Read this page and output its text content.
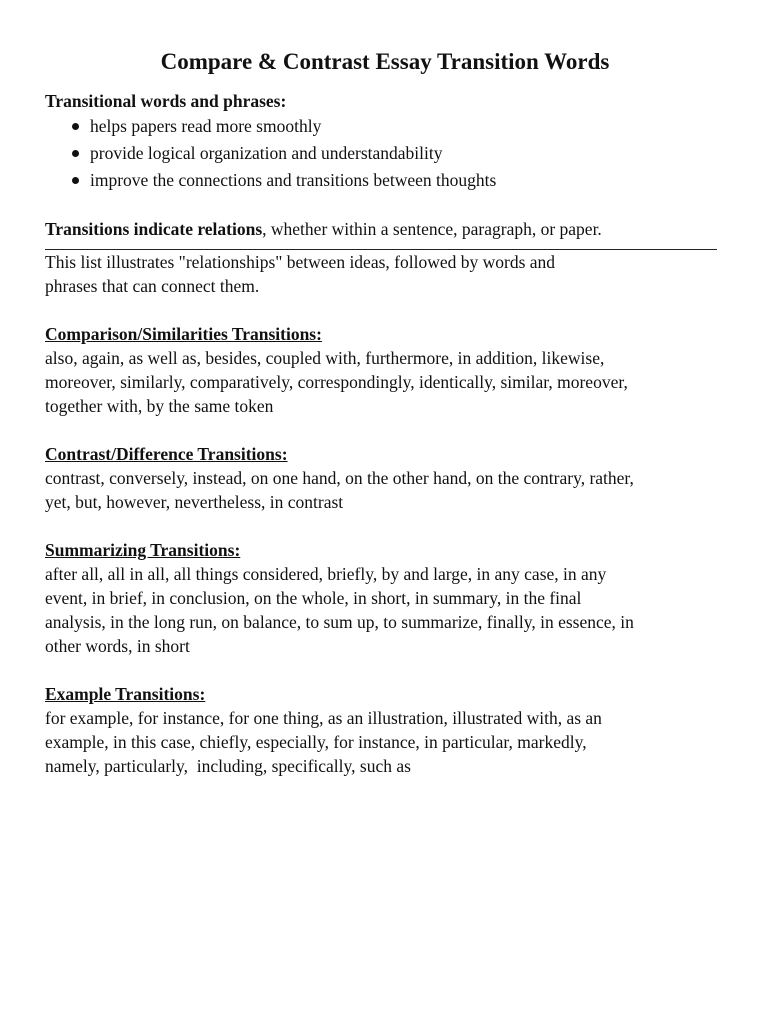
Compare & Contrast Essay Transition Words
Transitional words and phrases:
helps papers read more smoothly
provide logical organization and understandability
improve the connections and transitions between thoughts

Transitions indicate relations, whether within a sentence, paragraph, or paper.

This list illustrates "relationships" between ideas, followed by words and
phrases that can connect them.

Comparison/Similarities Transitions:

also, again, as well as, besides, coupled with, furthermore, in addition, likewise,
moreover, similarly, comparatively, correspondingly, identically, similar, moreover,
together with, by the same token

Contrast/Difference Transitions:

contrast, conversely, instead, on one hand, on the other hand, on the contrary, rather,
yet, but, however, nevertheless, in contrast

Summarizing Transitions:

after all, all in all, all things considered, briefly, by and large, in any case, in any
event, in brief, in conclusion, on the whole, in short, in summary, in the final
analysis, in the long run, on balance, to sum up, to summarize, finally, in essence, in
other words, in short

Example Transitions:

for example, for instance, for one thing, as an illustration, illustrated with, as an
example, in this case, chiefly, especially, for instance, in particular, markedly,
namely, particularly,  including, specifically, such as
